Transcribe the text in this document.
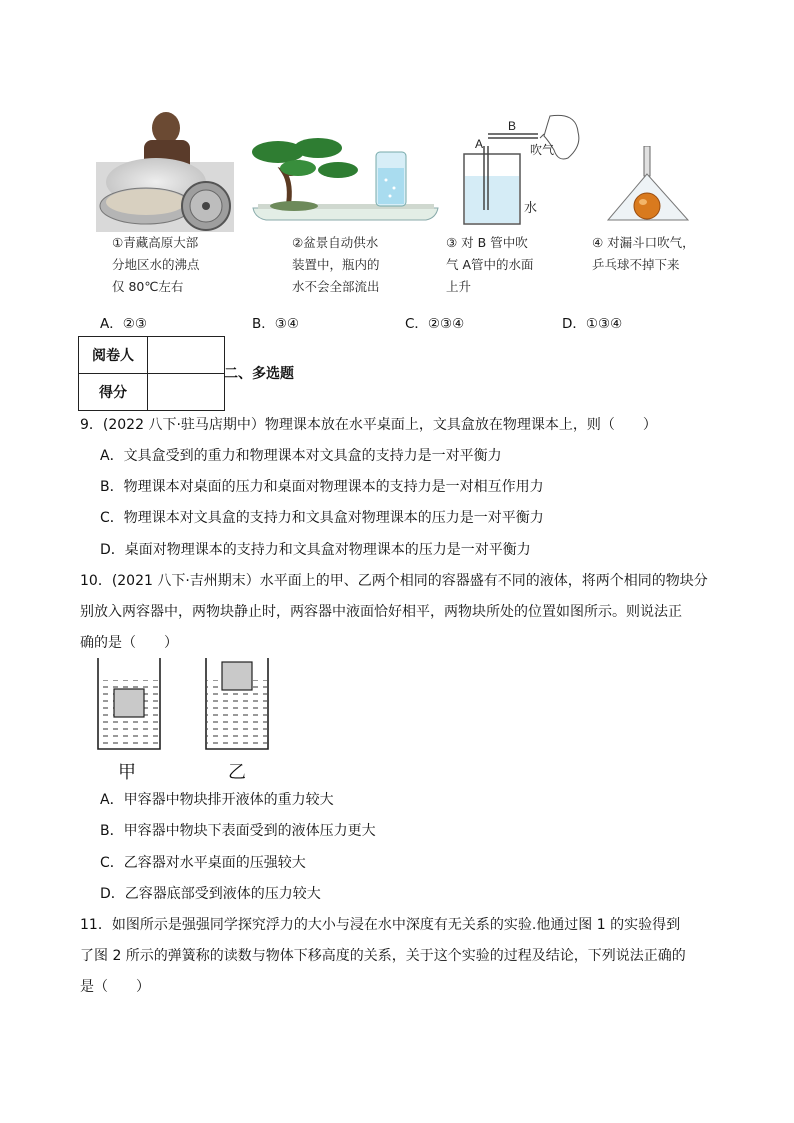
①青藏高原大部
分地区水的沸点
仅 80℃左右
②盆景自动供水
装置中，瓶内的
水不会全部流出
A
B
吹气
水
③ 对 B 管中吹
气 A管中的水面
上升
④ 对漏斗口吹气，
乒乓球不掉下来
A．②③	B．③④	C．②③④	D．①③④
阅卷人	
得分	
二、多选题
9．(2022 八下·驻马店期中）物理课本放在水平桌面上，文具盒放在物理课本上，则（　　）
A．文具盒受到的重力和物理课本对文具盒的支持力是一对平衡力
B．物理课本对桌面的压力和桌面对物理课本的支持力是一对相互作用力
C．物理课本对文具盒的支持力和文具盒对物理课本的压力是一对平衡力
D．桌面对物理课本的支持力和文具盒对物理课本的压力是一对平衡力
10．(2021 八下·吉州期末）水平面上的甲、乙两个相同的容器盛有不同的液体，将两个相同的物块分
别放入两容器中，两物块静止时，两容器中液面恰好相平，两物块所处的位置如图所示。则说法正
确的是（　　）
甲	乙
A．甲容器中物块排开液体的重力较大
B．甲容器中物块下表面受到的液体压力更大
C．乙容器对水平桌面的压强较大
D．乙容器底部受到液体的压力较大
11．如图所示是强强同学探究浮力的大小与浸在水中深度有无关系的实验.他通过图 1 的实验得到
了图 2 所示的弹簧称的读数与物体下移高度的关系，关于这个实验的过程及结论，下列说法正确的
是（　　）
